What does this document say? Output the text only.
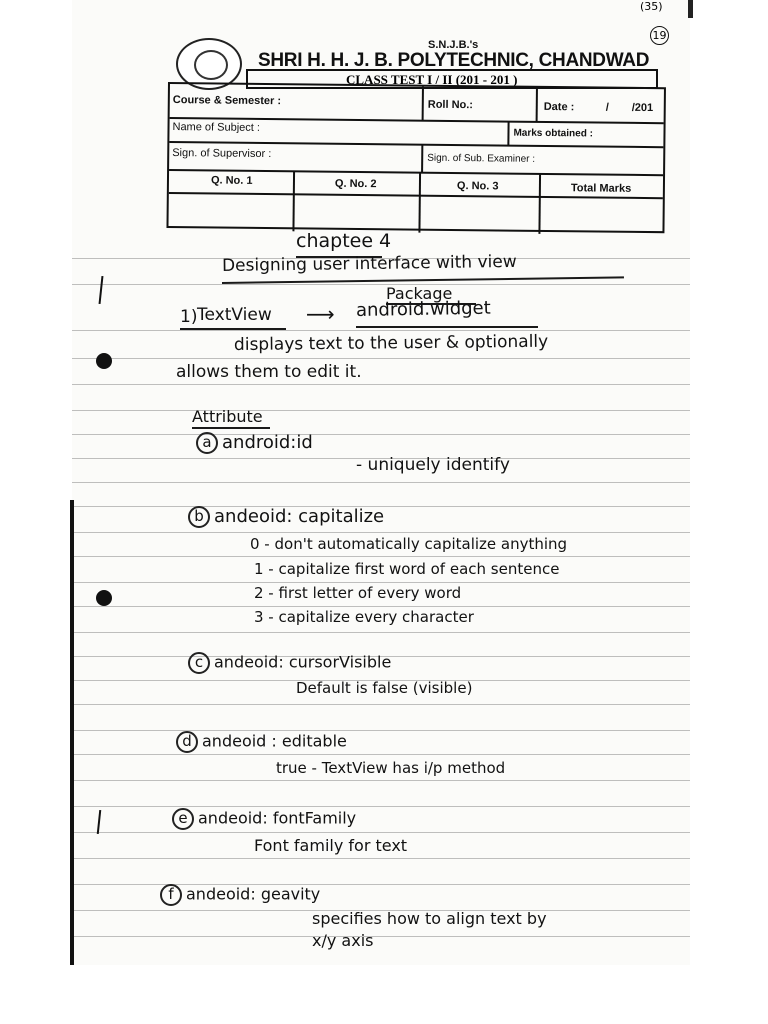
(35)
19
S.N.J.B.'s
SHRI H. H. J. B. POLYTECHNIC, CHANDWAD
CLASS TEST I / II (201 - 201 )
Course & Semester :	Roll No.:	Date :	/ /201
Name of Subject :	Marks obtained :
Sign. of Supervisor :	Sign. of Sub. Examiner :
Q. No. 1	Q. No. 2	Q. No. 3	Total Marks
chaptee 4
Designing user interface with view
Package
1) TextView ⟶ android.widget
displays text to the user & optionally
allows them to edit it.
Attribute
a android:id
- uniquely identify
b andeoid: capitalize
0 - don't automatically capitalize anything
1 - capitalize first word of each sentence
2 - first letter of every word
3 - capitalize every character
c andeoid: cursorVisible
Default is false (visible)
d andeoid : editable
true - TextView has i/p method
e andeoid: fontFamily
Font family for text
f andeoid: geavity
specifies how to align text by
x/y axis
